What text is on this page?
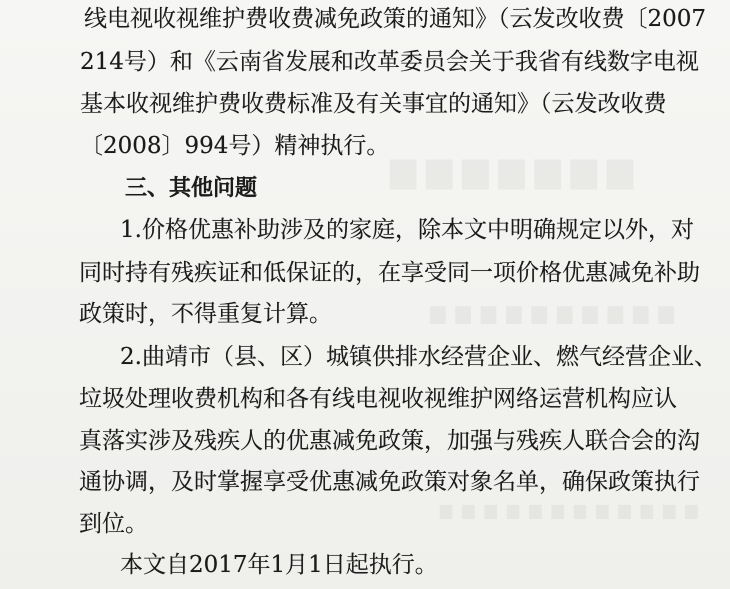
▆▆▆▆▆▆▆
▆▆▆▆▆▆▆▆▆▆
▆▆▆▆▆▆▆▆▆▆▆▆
线电视收视维护费收费减免政策的通知》（云发改收费〔2007
214号）和《云南省发展和改革委员会关于我省有线数字电视
基本收视维护费收费标准及有关事宜的通知》（云发改收费
〔2008〕994号）精神执行。
三、其他问题
1.价格优惠补助涉及的家庭，除本文中明确规定以外，对
同时持有残疾证和低保证的，在享受同一项价格优惠减免补助
政策时，不得重复计算。
2.曲靖市（县、区）城镇供排水经营企业、燃气经营企业、
垃圾处理收费机构和各有线电视收视维护网络运营机构应认
真落实涉及残疾人的优惠减免政策，加强与残疾人联合会的沟
通协调，及时掌握享受优惠减免政策对象名单，确保政策执行
到位。
本文自2017年1月1日起执行。
